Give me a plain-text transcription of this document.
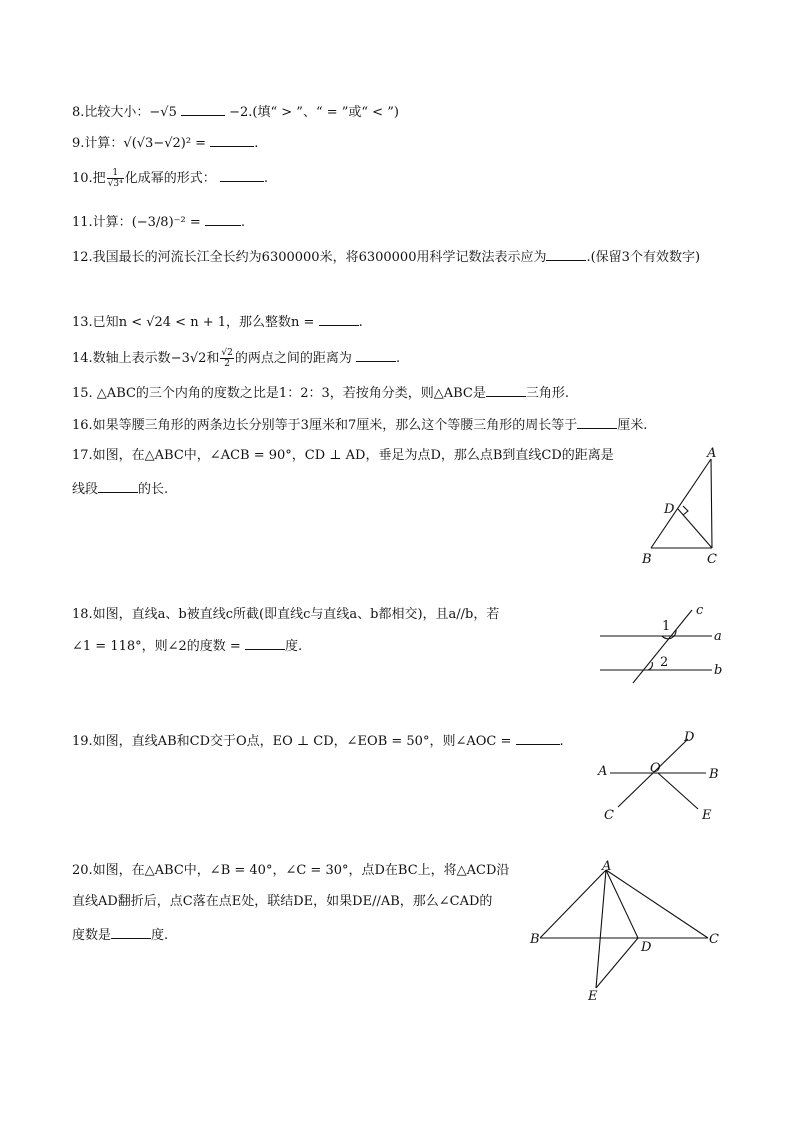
8.比较大小：−√5	−2.(填“ > ”、“ = ”或“ < ”)
9.计算：√(√3−√2)² =	.
10.把 $\frac{1}{\text{√3⁴}}$ 化成幂的形式：	.
11.计算：(−3/8)⁻² =	.
12.我国最长的河流长江全长约为6300000米，将6300000用科学记数法表示应为	.(保留3个有效数字)
13.已知n < √24 < n + 1，那么整数n =	.
14.数轴上表示数−3√2和 $\frac{√2}{2}$ 的两点之间的距离为	.
15. △ABC的三个内角的度数之比是1：2：3，若按角分类，则△ABC是	三角形.
16.如果等腰三角形的两条边长分别等于3厘米和7厘米，那么这个等腰三角形的周长等于	厘米.
17.如图，在△ABC中，∠ACB = 90°，CD ⊥ AD，垂足为点D，那么点B到直线CD的距离是
线段	的长.
A
B	C
D
18.如图，直线a、b被直线c所截(即直线c与直线a、b都相交)，且a//b，若
∠1 = 118°，则∠2的度数 =	度.
c
a
b
1
2
19.如图，直线AB和CD交于O点，EO ⊥ CD，∠EOB = 50°，则∠AOC =	.
A	B
C
D
E
O
20.如图，在△ABC中，∠B = 40°，∠C = 30°，点D在BC上，将△ACD沿
直线AD翻折后，点C落在点E处，联结DE，如果DE//AB，那么∠CAD的
度数是	度.
A
B	C
D
E
